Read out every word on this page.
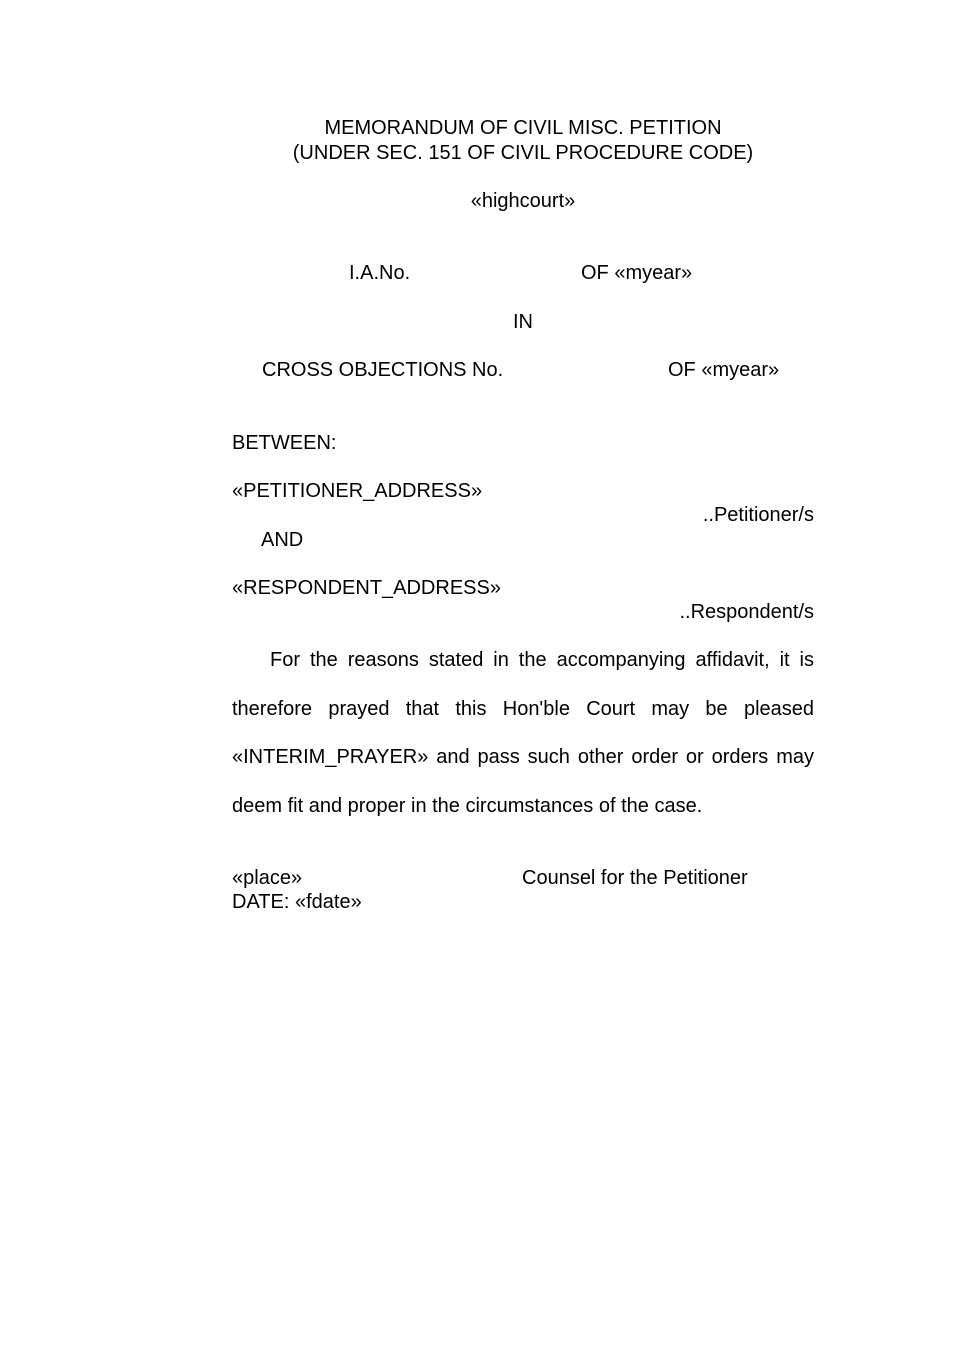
MEMORANDUM OF CIVIL MISC. PETITION
(UNDER SEC. 151 OF CIVIL PROCEDURE CODE)
«highcourt»
I.A.No.	OF «myear»
IN
CROSS OBJECTIONS No.	OF «myear»
BETWEEN:
«PETITIONER_ADDRESS»
..Petitioner/s
AND
«RESPONDENT_ADDRESS»
..Respondent/s

For the reasons stated in the accompanying affidavit, it is therefore prayed that this Hon'ble Court may be pleased «INTERIM_PRAYER» and pass such other order or orders may deem fit and proper in the circumstances of the case.

«place»	Counsel for the Petitioner
DATE: «fdate»
